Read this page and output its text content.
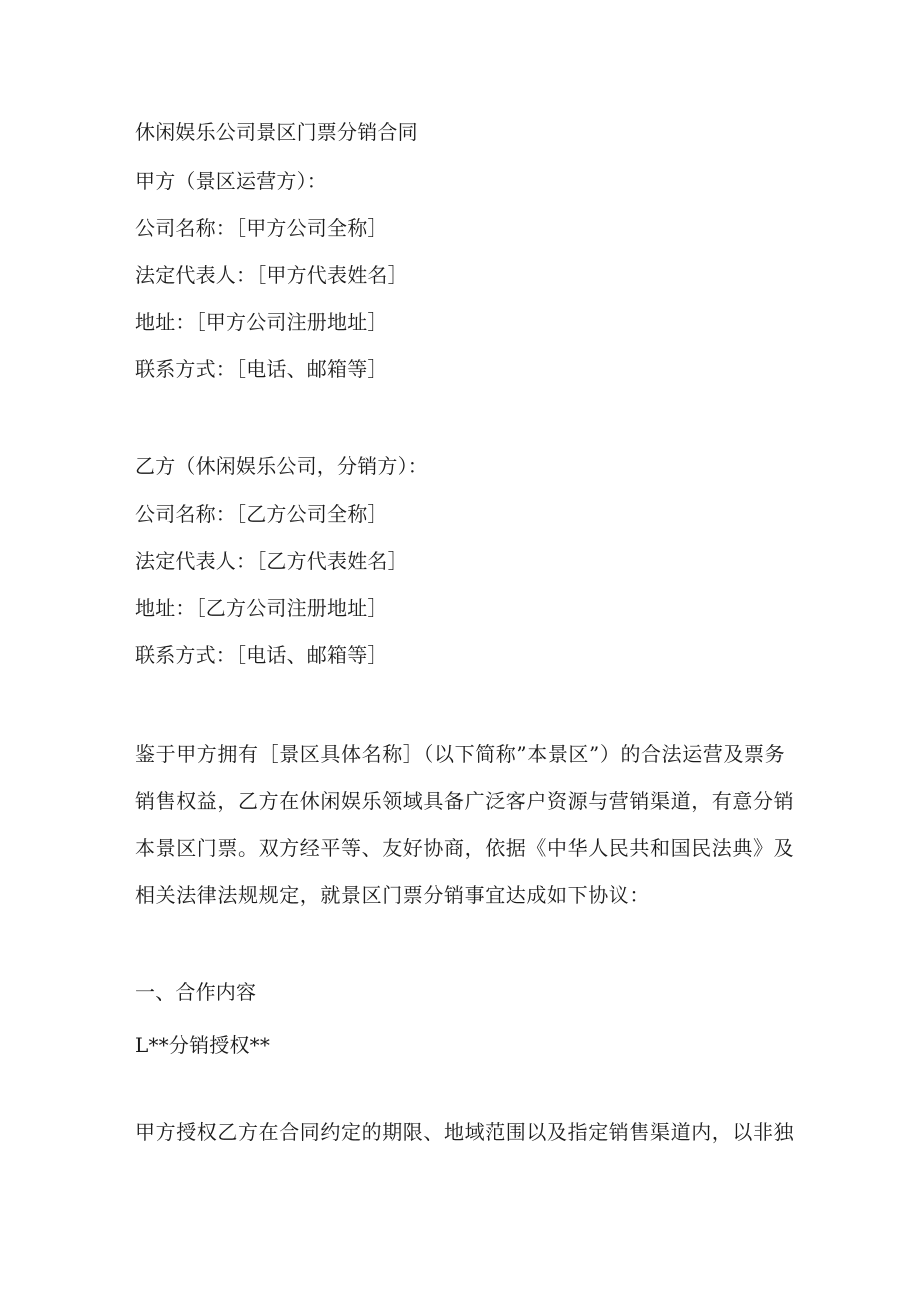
休闲娱乐公司景区门票分销合同
甲方（景区运营方）：
公司名称：［甲方公司全称］
法定代表人：［甲方代表姓名］
地址：［甲方公司注册地址］
联系方式：［电话、邮箱等］
乙方（休闲娱乐公司，分销方）：
公司名称：［乙方公司全称］
法定代表人：［乙方代表姓名］
地址：［乙方公司注册地址］
联系方式：［电话、邮箱等］
鉴于甲方拥有［景区具体名称］（以下简称”本景区”）的合法运营及票务
销售权益，乙方在休闲娱乐领域具备广泛客户资源与营销渠道，有意分销
本景区门票。双方经平等、友好协商，依据《中华人民共和国民法典》及
相关法律法规规定，就景区门票分销事宜达成如下协议：
一、合作内容
L**分销授权**
甲方授权乙方在合同约定的期限、地域范围以及指定销售渠道内，以非独
